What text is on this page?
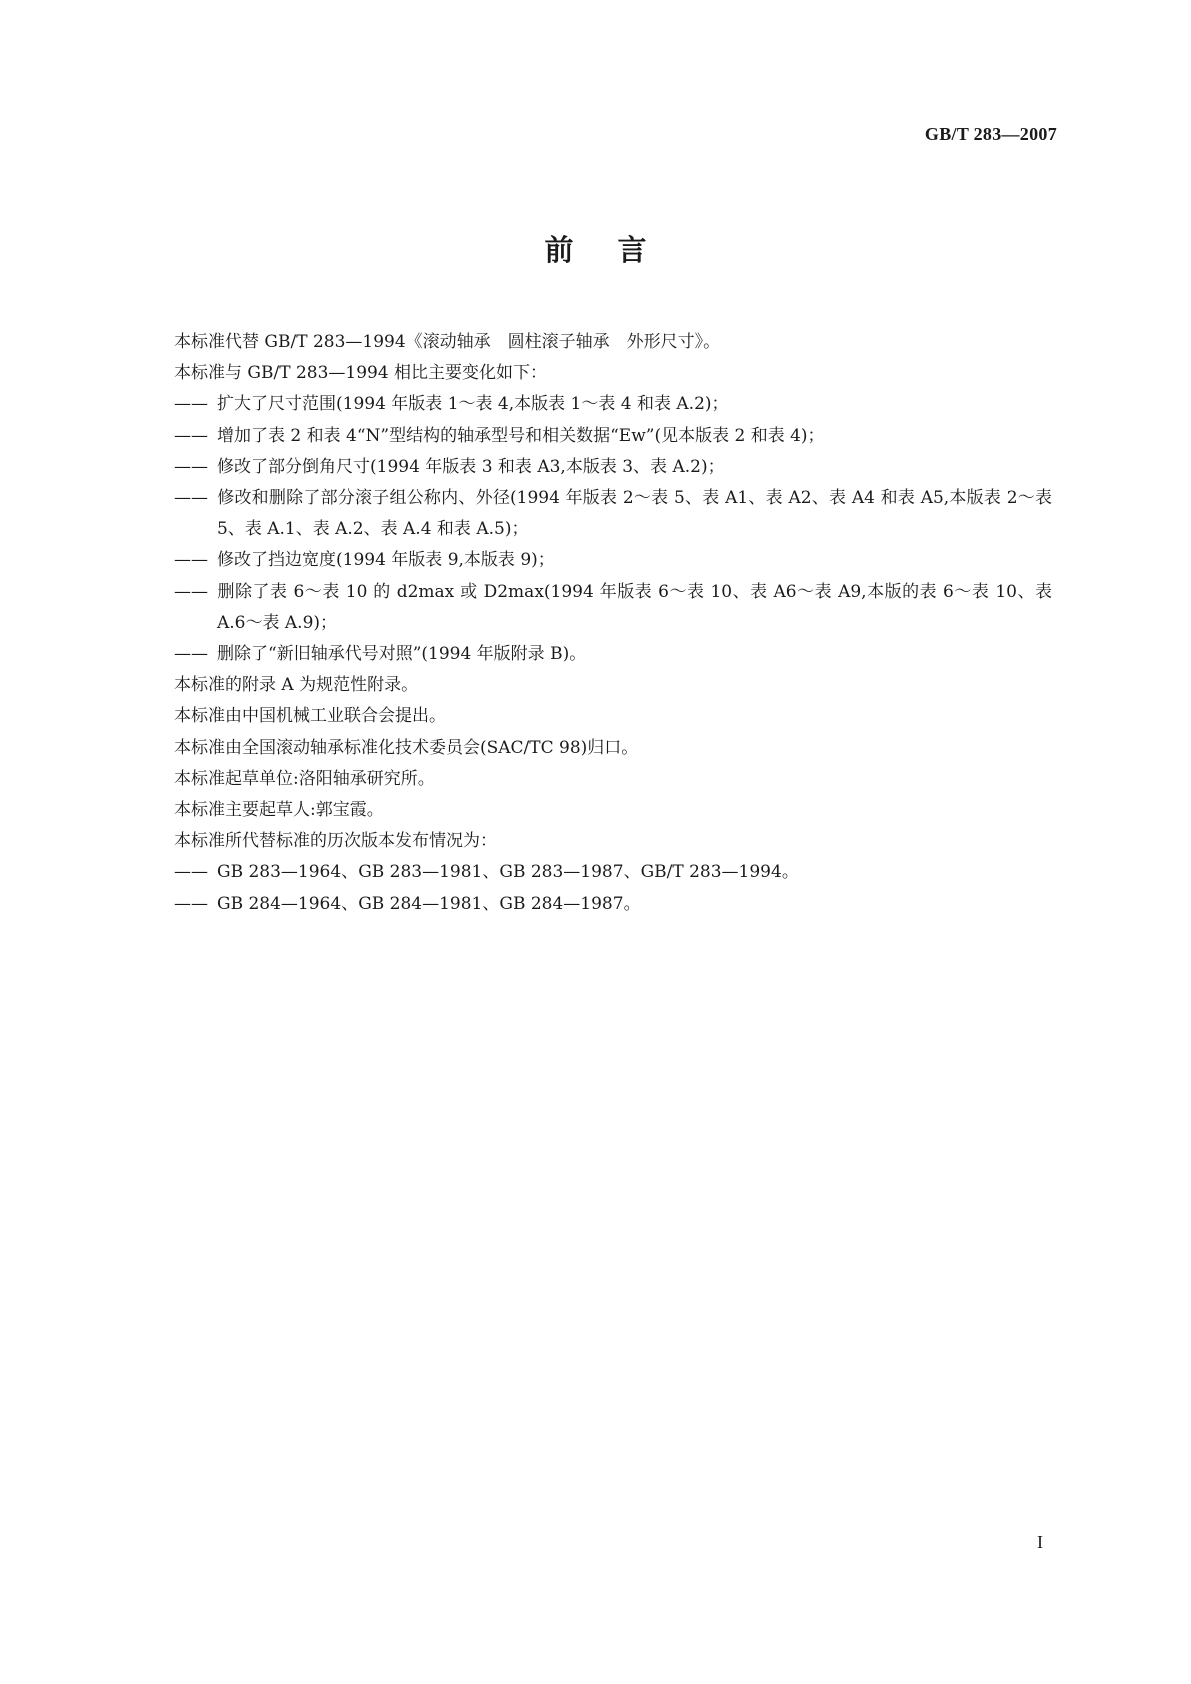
GB/T 283—2007
前言

本标准代替 GB/T 283—1994《滚动轴承　圆柱滚子轴承　外形尺寸》。

本标准与 GB/T 283—1994 相比主要变化如下：

—— 扩大了尺寸范围(1994 年版表 1～表 4,本版表 1～表 4 和表 A.2)；

—— 增加了表 2 和表 4“N”型结构的轴承型号和相关数据“Ew”(见本版表 2 和表 4)；

—— 修改了部分倒角尺寸(1994 年版表 3 和表 A3,本版表 3、表 A.2)；

—— 修改和删除了部分滚子组公称内、外径(1994 年版表 2～表 5、表 A1、表 A2、表 A4 和表 A5,本版表 2～表 5、表 A.1、表 A.2、表 A.4 和表 A.5)；

—— 修改了挡边宽度(1994 年版表 9,本版表 9)；

—— 删除了表 6～表 10 的 d2max 或 D2max(1994 年版表 6～表 10、表 A6～表 A9,本版的表 6～表 10、表 A.6～表 A.9)；

—— 删除了“新旧轴承代号对照”(1994 年版附录 B)。

本标准的附录 A 为规范性附录。

本标准由中国机械工业联合会提出。

本标准由全国滚动轴承标准化技术委员会(SAC/TC 98)归口。

本标准起草单位:洛阳轴承研究所。

本标准主要起草人:郭宝霞。

本标准所代替标准的历次版本发布情况为：

—— GB 283—1964、GB 283—1981、GB 283—1987、GB/T 283—1994。

—— GB 284—1964、GB 284—1981、GB 284—1987。

I
